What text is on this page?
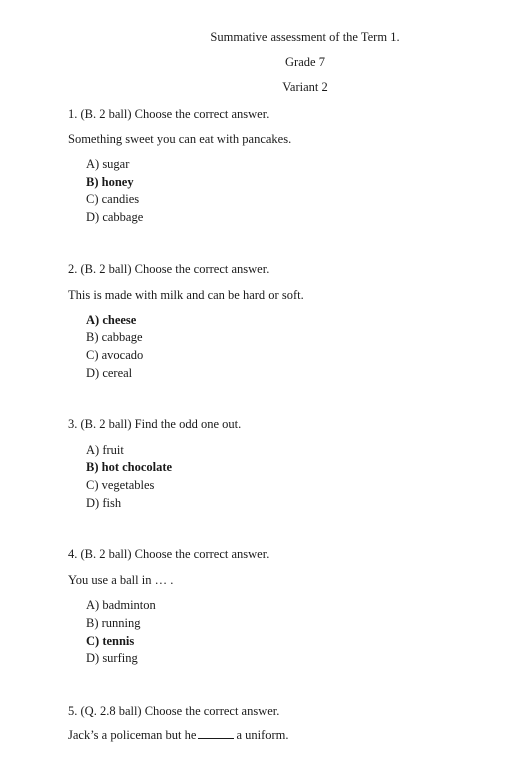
Summative assessment of the Term 1.
Grade 7
Variant 2
1. (B. 2 ball) Choose the correct answer.
Something sweet you can eat with pancakes.
A) sugar
B) honey
C) candies
D) cabbage
2. (B. 2 ball) Choose the correct answer.
This is made with milk and can be hard or soft.
A) cheese
B) cabbage
C) avocado
D) cereal
3. (B. 2 ball) Find the odd one out.
A) fruit
B) hot chocolate
C) vegetables
D) fish
4. (B. 2 ball) Choose the correct answer.
You use a ball in … .
A) badminton
B) running
C) tennis
D) surfing
5. (Q. 2.8 ball) Choose the correct answer.
Jack’s a policeman but he	a uniform.
